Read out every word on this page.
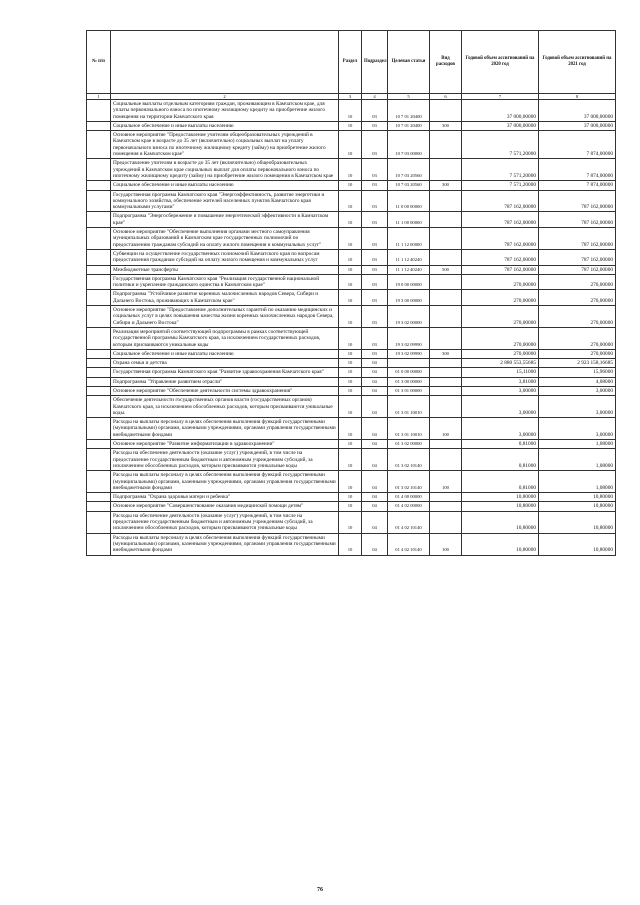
№ п/п		Раздел	Подраздел	Целевая статья	Вид расходов	Годовой объем ассигнований на 2020 год	Годовой объем ассигнований на 2021 год
1	2	3	4	5	6	7	8
	Социальные выплаты отдельным категориям граждан, проживающим в Камчатском крае, для уплаты первоначального взноса по ипотечному жилищному кредиту на приобретение жилого помещения на территории Камчатского края	10	03	10 7 01 20400		37 000,00000	37 000,00000
	Социальное обеспечение и иные выплаты населению	10	03	10 7 01 20400	300	37 000,00000	37 000,00000
	Основное мероприятие "Предоставление учителям общеобразовательных учреждений в Камчатском крае в возрасте до 35 лет (включительно) социальных выплат на уплату первоначального взноса по ипотечному жилищному кредиту (займу) на приобретение жилого помещения в Камчатском крае"	10	03	10 7 03 00000		7 571,20000	7 874,00000
	Предоставление учителям в возрасте до 35 лет (включительно) общеобразовательных учреждений в Камчатском крае социальных выплат для оплаты первоначального взноса по ипотечному жилищному кредиту (займу) на приобретение жилого помещения в Камчатском крае	10	03	10 7 03 20560		7 571,20000	7 874,00000
	Социальное обеспечение и иные выплаты населению	10	03	10 7 03 20560	300	7 571,20000	7 874,00000
	Государственная программа Камчатского края "Энергоэффективность, развитие энергетики и коммунального хозяйства, обеспечение жителей населенных пунктов Камчатского края коммунальными услугами"	10	03	11 0 00 00000		787 162,00000	787 162,00000
	Подпрограмма "Энергосбережение и повышение энергетической эффективности в Камчатском крае"	10	03	11 1 00 00000		787 162,00000	787 162,00000
	Основное мероприятие "Обеспечение выполнения органами местного самоуправления муниципальных образований в Камчатском крае государственных полномочий по предоставлению гражданам субсидий на оплату жилого помещения и коммунальных услуг"	10	03	11 1 12 00000		787 162,00000	787 162,00000
	Субвенции на осуществление государственных полномочий Камчатского края по вопросам предоставления гражданам субсидий на оплату жилого помещения и коммунальных услуг	10	03	11 1 12 40240		787 162,00000	787 162,00000
	Межбюджетные трансферты	10	03	11 1 12 40240	500	787 162,00000	787 162,00000
	Государственная программа Камчатского края "Реализация государственной национальной политики и укрепление гражданского единства в Камчатском крае"	10	03	19 0 00 00000		270,00000	270,00000
	Подпрограмма "Устойчивое развитие коренных малочисленных народов Севера, Сибири и Дальнего Востока, проживающих в Камчатском крае"	10	03	19 3 00 00000		270,00000	270,00000
	Основное мероприятие "Предоставление дополнительных гарантий по оказанию медицинских и социальных услуг в целях повышения качества жизни коренных малочисленных народов Севера, Сибири и Дальнего Востока"	10	03	19 3 02 00000		270,00000	270,00000
	Реализация мероприятий соответствующей подпрограммы в рамках соответствующей государственной программы Камчатского края, за исключением государственных расходов, которым присваиваются уникальные коды	10	03	19 3 02 09990		270,00000	270,00000
	Социальное обеспечение и иные выплаты населению	10	03	19 3 02 09990	300	270,00000	270,00000
	Охрана семьи и детства	10	04			2 880 553,55685	2 923 158,16685
	Государственная программа Камчатского края "Развитие здравоохранения Камчатского края"	10	04	01 0 00 00000		15,11000	15,96000
	Подпрограмма "Управление развитием отрасли"	10	04	01 3 00 00000		3,81000	4,08000
	Основное мероприятие "Обеспечение деятельности системы здравоохранения"	10	04	01 3 01 00000		3,00000	3,00000
	Обеспечение деятельности государственных органов власти (государственных органов) Камчатского края, за исключением обособленных расходов, которым присваиваются уникальные коды.	10	04	01 3 01 10010		3,00000	3,00000
	Расходы на выплаты персоналу в целях обеспечения выполнения функций государственными (муниципальными) органами, казенными учреждениями, органами управления государственными внебюджетными фондами	10	04	01 3 01 10010	100	3,00000	3,00000
	Основное мероприятие "Развитие информатизации в здравоохранении"	10	04	01 3 02 00000		0,81000	1,08000
	Расходы на обеспечение деятельности (оказание услуг) учреждений, в том числе на предоставление государственным бюджетным и автономным учреждениям субсидий, за исключением обособленных расходов, которым присваиваются уникальные коды	10	04	01 3 02 10140		0,81000	1,08000
	Расходы на выплаты персоналу в целях обеспечения выполнения функций государственными (муниципальными) органами, казенными учреждениями, органами управления государственными внебюджетными фондами	10	04	01 3 02 10140	100	0,81000	1,08000
	Подпрограмма "Охрана здоровья матери и ребенка"	10	04	01 4 00 00000		10,80000	10,80000
	Основное мероприятие "Совершенствование оказания медицинской помощи детям"	10	04	01 4 02 00000		10,80000	10,80000
	Расходы на обеспечение деятельности (оказание услуг) учреждений, в том числе на предоставление государственным бюджетным и автономным учреждениям субсидий, за исключением обособленных расходов, которым присваиваются уникальные коды	10	04	01 4 02 10140		10,80000	10,80000
	Расходы на выплаты персоналу в целях обеспечения выполнения функций государственными (муниципальными) органами, казенными учреждениями, органами управления государственными внебюджетными фондами	10	04	01 4 02 10140	100	10,80000	10,80000
76
